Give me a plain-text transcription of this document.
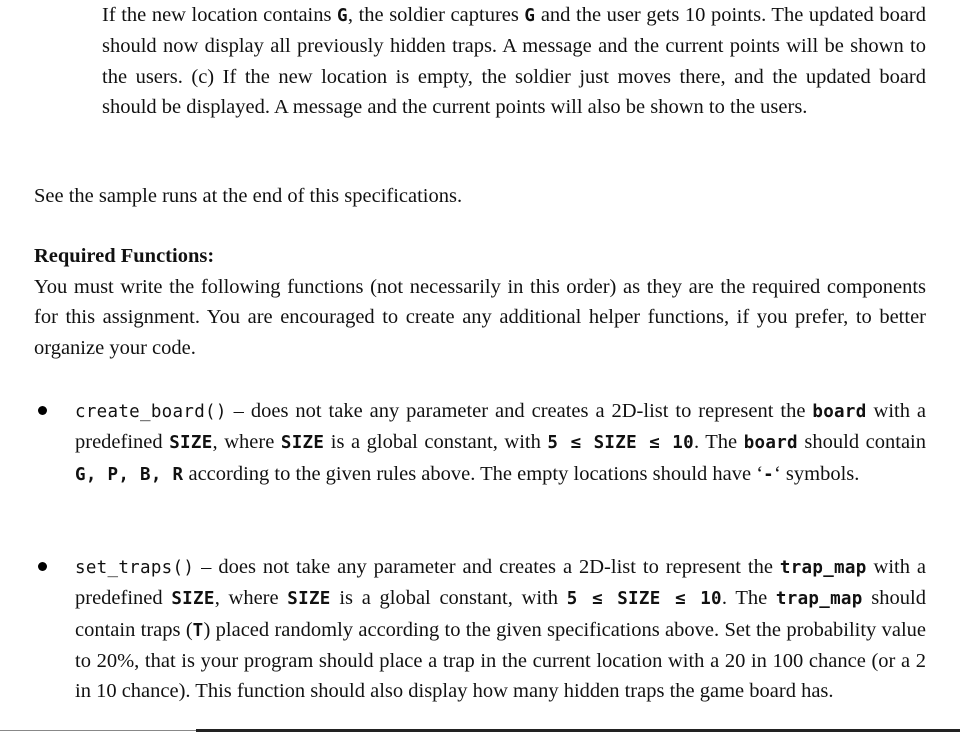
If the new location contains G, the soldier captures G and the user gets 10 points. The updated board should now display all previously hidden traps. A message and the current points will be shown to the users. (c) If the new location is empty, the soldier just moves there, and the updated board should be displayed. A message and the current points will also be shown to the users.
See the sample runs at the end of this specifications.
Required Functions:
You must write the following functions (not necessarily in this order) as they are the required components for this assignment. You are encouraged to create any additional helper functions, if you prefer, to better organize your code.
create_board() – does not take any parameter and creates a 2D-list to represent the board with a predefined SIZE, where SIZE is a global constant, with 5 ≤ SIZE ≤ 10. The board should contain G, P, B, R according to the given rules above. The empty locations should have ‘-‘ symbols.
set_traps() – does not take any parameter and creates a 2D-list to represent the trap_map with a predefined SIZE, where SIZE is a global constant, with 5 ≤ SIZE ≤ 10. The trap_map should contain traps (T) placed randomly according to the given specifications above. Set the probability value to 20%, that is your program should place a trap in the current location with a 20 in 100 chance (or a 2 in 10 chance). This function should also display how many hidden traps the game board has.
